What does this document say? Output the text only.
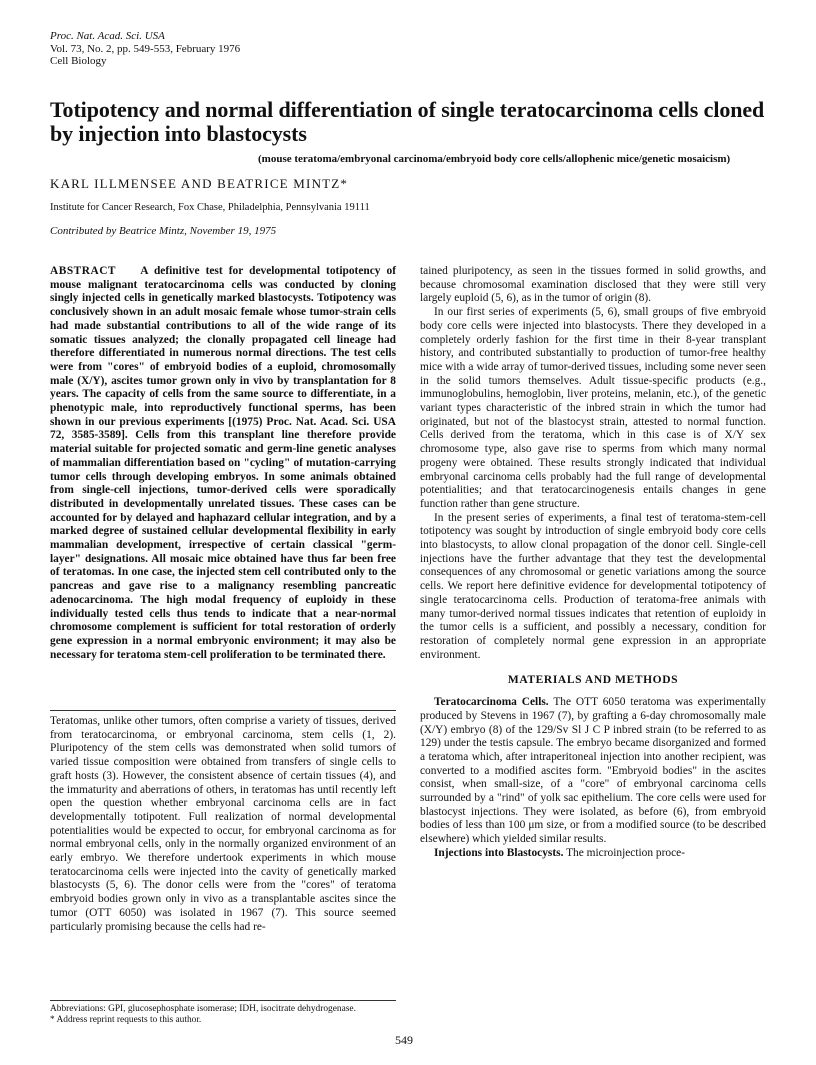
Proc. Nat. Acad. Sci. USA
Vol. 73, No. 2, pp. 549-553, February 1976
Cell Biology
Totipotency and normal differentiation of single teratocarcinoma cells cloned by injection into blastocysts
(mouse teratoma/embryonal carcinoma/embryoid body core cells/allophenic mice/genetic mosaicism)
KARL ILLMENSEE AND BEATRICE MINTZ*
Institute for Cancer Research, Fox Chase, Philadelphia, Pennsylvania 19111
Contributed by Beatrice Mintz, November 19, 1975

ABSTRACT A definitive test for developmental totipotency of mouse malignant teratocarcinoma cells was conducted by cloning singly injected cells in genetically marked blastocysts. Totipotency was conclusively shown in an adult mosaic female whose tumor-strain cells had made substantial contributions to all of the wide range of its somatic tissues analyzed; the clonally propagated cell lineage had therefore differentiated in numerous normal directions. The test cells were from "cores" of embryoid bodies of a euploid, chromosomally male (X/Y), ascites tumor grown only in vivo by transplantation for 8 years. The capacity of cells from the same source to differentiate, in a phenotypic male, into reproductively functional sperms, has been shown in our previous experiments [(1975) Proc. Nat. Acad. Sci. USA 72, 3585-3589]. Cells from this transplant line therefore provide material suitable for projected somatic and germ-line genetic analyses of mammalian differentiation based on "cycling" of mutation-carrying tumor cells through developing embryos. In some animals obtained from single-cell injections, tumor-derived cells were sporadically distributed in developmentally unrelated tissues. These cases can be accounted for by delayed and haphazard cellular integration, and by a marked degree of sustained cellular developmental flexibility in early mammalian development, irrespective of certain classical "germ-layer" designations. All mosaic mice obtained have thus far been free of teratomas. In one case, the injected stem cell contributed only to the pancreas and gave rise to a malignancy resembling pancreatic adenocarcinoma. The high modal frequency of euploidy in these individually tested cells thus tends to indicate that a near-normal chromosome complement is sufficient for total restoration of orderly gene expression in a normal embryonic environment; it may also be necessary for teratoma stem-cell proliferation to be terminated there.

Teratomas, unlike other tumors, often comprise a variety of tissues, derived from teratocarcinoma, or embryonal carcinoma, stem cells (1, 2). Pluripotency of the stem cells was demonstrated when solid tumors of varied tissue composition were obtained from transfers of single cells to graft hosts (3). However, the consistent absence of certain tissues (4), and the immaturity and aberrations of others, in teratomas has until recently left open the question whether embryonal carcinoma cells are in fact developmentally totipotent. Full realization of normal developmental potentialities would be expected to occur, for embryonal carcinoma as for normal embryonal cells, only in the normally organized environment of an early embryo. We therefore undertook experiments in which mouse teratocarcinoma cells were injected into the cavity of genetically marked blastocysts (5, 6). The donor cells were from the "cores" of teratoma embryoid bodies grown only in vivo as a transplantable ascites since the tumor (OTT 6050) was isolated in 1967 (7). This source seemed particularly promising because the cells had re-

Abbreviations: GPI, glucosephosphate isomerase; IDH, isocitrate dehydrogenase.
* Address reprint requests to this author.

tained pluripotency, as seen in the tissues formed in solid growths, and because chromosomal examination disclosed that they were still very largely euploid (5, 6), as in the tumor of origin (8).

In our first series of experiments (5, 6), small groups of five embryoid body core cells were injected into blastocysts. There they developed in a completely orderly fashion for the first time in their 8-year transplant history, and contributed substantially to production of tumor-free healthy mice with a wide array of tumor-derived tissues, including some never seen in the solid tumors themselves. Adult tissue-specific products (e.g., immunoglobulins, hemoglobin, liver proteins, melanin, etc.), of the genetic variant types characteristic of the inbred strain in which the tumor had originated, but not of the blastocyst strain, attested to normal function. Cells derived from the teratoma, which in this case is of X/Y sex chromosome type, also gave rise to sperms from which many normal progeny were obtained. These results strongly indicated that individual embryonal carcinoma cells probably had the full range of developmental potentialities; and that teratocarcinogenesis entails changes in gene function rather than gene structure.

In the present series of experiments, a final test of teratoma-stem-cell totipotency was sought by introduction of single embryoid body core cells into blastocysts, to allow clonal propagation of the donor cell. Single-cell injections have the further advantage that they test the developmental consequences of any chromosomal or genetic variations among the source cells. We report here definitive evidence for developmental totipotency of single teratocarcinoma cells. Production of teratoma-free animals with many tumor-derived normal tissues indicates that retention of euploidy in the tumor cells is a sufficient, and possibly a necessary, condition for restoration of completely normal gene expression in an appropriate environment.

MATERIALS AND METHODS

Teratocarcinoma Cells. The OTT 6050 teratoma was experimentally produced by Stevens in 1967 (7), by grafting a 6-day chromosomally male (X/Y) embryo (8) of the 129/Sv Sl J C P inbred strain (to be referred to as 129) under the testis capsule. The embryo became disorganized and formed a teratoma which, after intraperitoneal injection into another recipient, was converted to a modified ascites form. "Embryoid bodies" in the ascites consist, when small-size, of a "core" of embryonal carcinoma cells surrounded by a "rind" of yolk sac epithelium. The core cells were used for blastocyst injections. They were isolated, as before (6), from embryoid bodies of less than 100 μm size, or from a modified source (to be described elsewhere) which yielded similar results.

Injections into Blastocysts. The microinjection proce-

549
